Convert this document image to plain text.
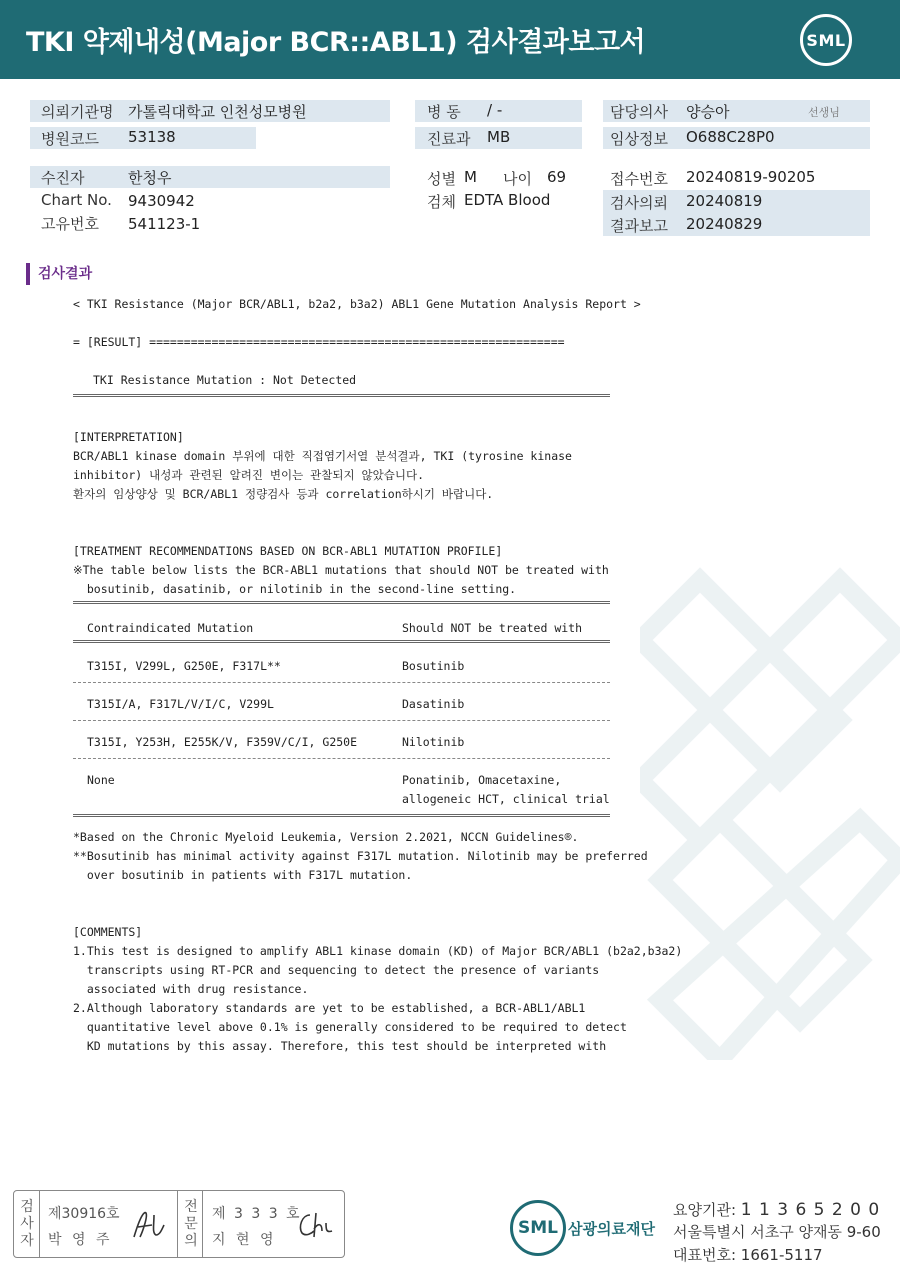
TKI 약제내성(Major BCR::ABL1) 검사결과보고서	SML
의뢰기관명 가톨릭대학교 인천성모병원
병원코드 53138
병 동 / -
진료과 MB
담당의사 양승아	선생님
임상정보 O688C28P0
수진자	한청우
Chart No. 9430942
고유번호 541123-1
성별 M 나이 69
검체 EDTA Blood
접수번호 20240819-90205
검사의뢰 20240819
결과보고 20240829
검사결과
< TKI Resistance (Major BCR/ABL1, b2a2, b3a2) ABL1 Gene Mutation Analysis Report >
= [RESULT] ============================================================
TKI Resistance Mutation : Not Detected
[INTERPRETATION]
BCR/ABL1 kinase domain 부위에 대한 직접염기서열 분석결과, TKI (tyrosine kinase
inhibitor) 내성과 관련된 알려진 변이는 관찰되지 않았습니다.
환자의 임상양상 및 BCR/ABL1 정량검사 등과 correlation하시기 바랍니다.
[TREATMENT RECOMMENDATIONS BASED ON BCR-ABL1 MUTATION PROFILE]
※The table below lists the BCR-ABL1 mutations that should NOT be treated with
bosutinib, dasatinib, or nilotinib in the second-line setting.
Contraindicated Mutation	Should NOT be treated with
T315I, V299L, G250E, F317L**	Bosutinib
T315I/A, F317L/V/I/C, V299L	Dasatinib
T315I, Y253H, E255K/V, F359V/C/I, G250E	Nilotinib
None	Ponatinib, Omacetaxine,
allogeneic HCT, clinical trial
*Based on the Chronic Myeloid Leukemia, Version 2.2021, NCCN Guidelines®.
**Bosutinib has minimal activity against F317L mutation. Nilotinib may be preferred
over bosutinib in patients with F317L mutation.
[COMMENTS]
1.This test is designed to amplify ABL1 kinase domain (KD) of Major BCR/ABL1 (b2a2,b3a2)
transcripts using RT-PCR and sequencing to detect the presence of variants
associated with drug resistance.
2.Although laboratory standards are yet to be established, a BCR-ABL1/ABL1
quantitative level above 0.1% is generally considered to be required to detect
KD mutations by this assay. Therefore, this test should be interpreted with
검
사
자
제30916호
박 영 주
전
문
의
제 3 3 3 호
지 현 영
SML 삼광의료재단
요양기관: 1 1 3 6 5 2 0 0
서울특별시 서초구 양재동 9-60
대표번호: 1661-5117
